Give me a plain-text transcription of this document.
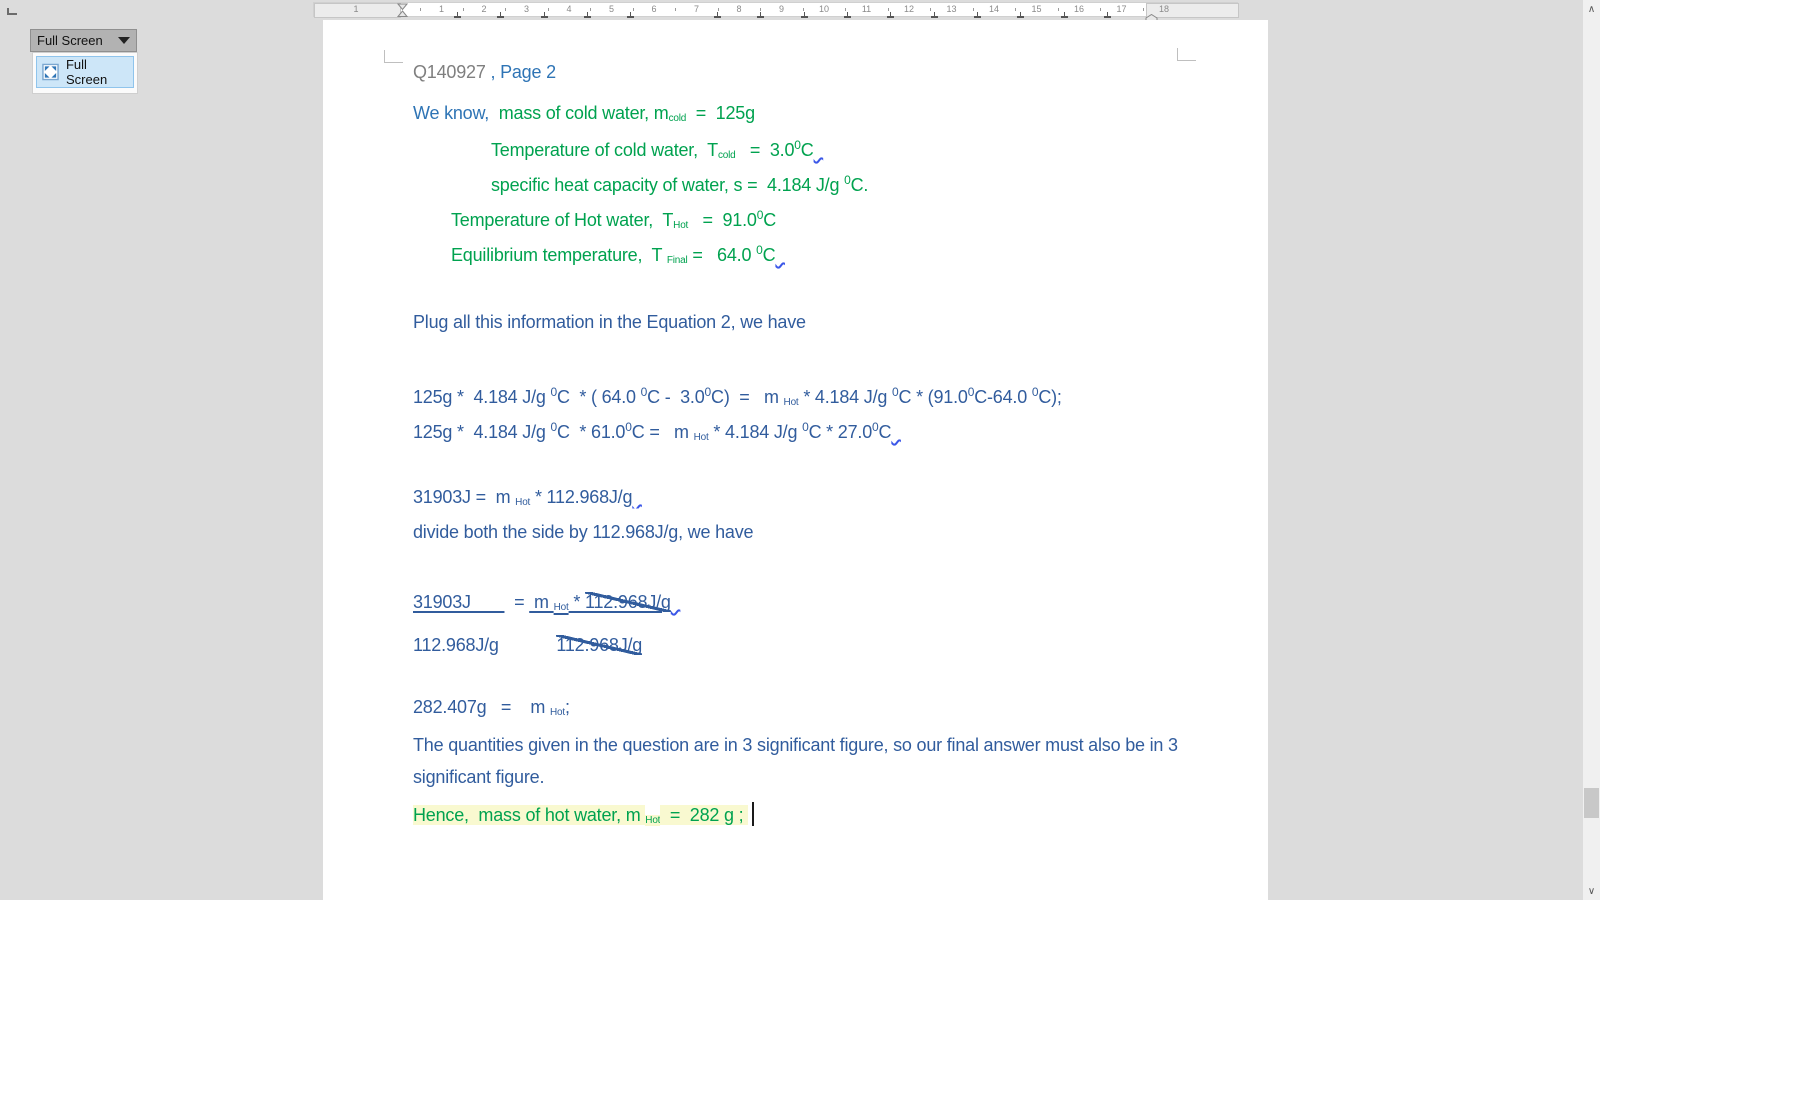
1	1	2	3	4	5	6	7	8	9	10	11	12	13	14	15	16	17	18
Full Screen
Full Screen	Q140927 , Page 2
We know,  mass of cold water, $m_{cold} = 125g$
Temperature of cold water,  $T_{cold} = 3.0^0C$
specific heat capacity of water, s =  4.184 J/g $^0$C.
Temperature of Hot water,  $T_{Hot} = 91.0^0C$
Equilibrium temperature,  T $_{Final}$ =   64.0 $^0$C
Plug all this information in the Equation 2, we have
125g *  4.184 J/g $^0$C  * ( 64.0 $^0C - 3.0^0C) = m$ $_{Hot}$ * 4.184 J/g $^0$C * (91.0$^0$C-64.0 $^0$C);
125g *  4.184 J/g $^0C * 61.0^0C = m$ $_{Hot}$ * 4.184 J/g $^0$C * 27.0$^0$C
31903J =  m $_{Hot}$ * 112.968J/g
divide both the side by 112.968J/g, we have
31903J         =  m $_{Hot}$ * 112.968J/g
112.968J/g	112.968J/g
282.407g   =    m $_{Hot}$;
The quantities given in the question are in 3 significant figure, so our final answer must also be in 3
significant figure.
Hence,  mass of hot water, m $_{Hot}$  =  282 g ;
∧
∨
